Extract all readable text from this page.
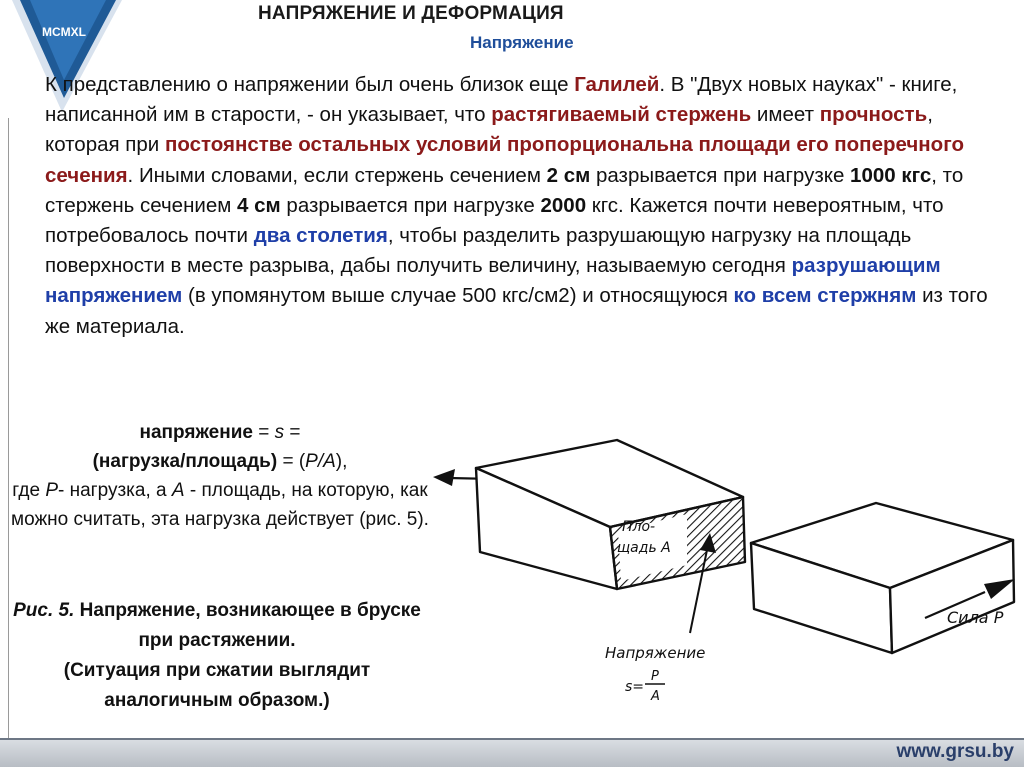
MCMXL
НАПРЯЖЕНИЕ И ДЕФОРМАЦИЯ
Напряжение
К представлению о напряжении был очень близок еще Галилей. В "Двух новых науках" - книге, написанной им в старости, - он указывает, что растягиваемый стержень имеет прочность, которая при постоянстве остальных условий пропорциональна площади его поперечного сечения. Иными словами, если стержень сечением 2 см разрывается при нагрузке 1000 кгс, то стержень сечением 4 см разрывается при нагрузке 2000 кгс. Кажется почти невероятным, что потребовалось почти два столетия, чтобы разделить разрушающую нагрузку на площадь поверхности в месте разрыва, дабы получить величину, называемую сегодня разрушающим напряжением (в упомянутом выше случае 500 кгс/см2) и относящуюся ко всем стержням из того же материала.
напряжение = s =
(нагрузка/площадь) = (P/A),
где P- нагрузка, а A - площадь, на которую, как можно считать, эта нагрузка действует (рис. 5).
Рис. 5. Напряжение, возникающее в бруске при растяжении.
(Ситуация при сжатии выглядит аналогичным образом.)
Пло-
щадь А
Сила Р
Напряжение
s=
P
A
www.grsu.by
